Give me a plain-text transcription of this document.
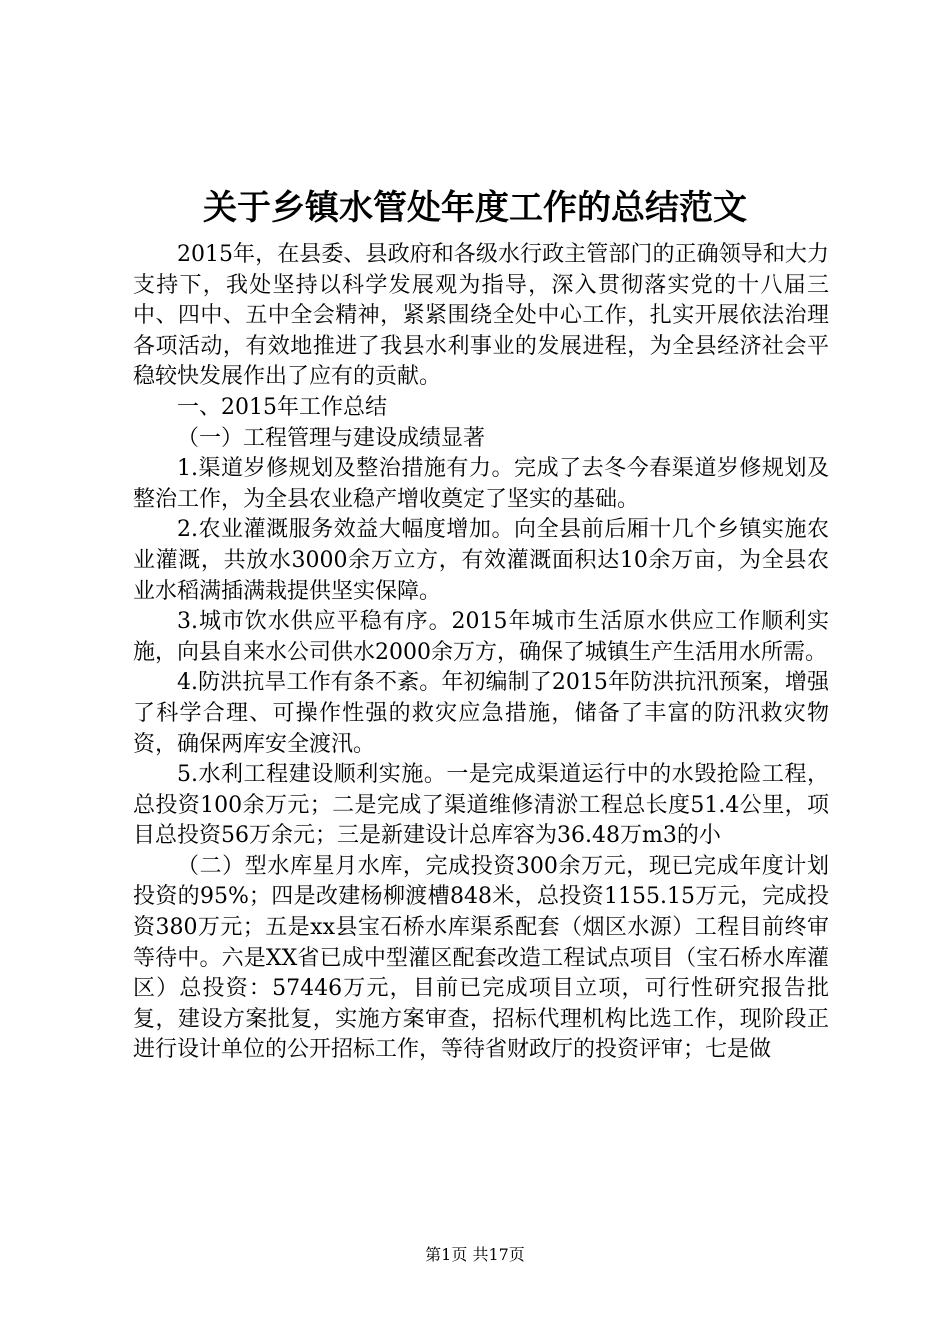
关于乡镇水管处年度工作的总结范文

2015年，在县委、县政府和各级水行政主管部门的正确领导和大力支持下，我处坚持以科学发展观为指导，深入贯彻落实党的十八届三中、四中、五中全会精神，紧紧围绕全处中心工作，扎实开展依法治理各项活动，有效地推进了我县水利事业的发展进程，为全县经济社会平稳较快发展作出了应有的贡献。

一、2015年工作总结

（一）工程管理与建设成绩显著

1.渠道岁修规划及整治措施有力。完成了去冬今春渠道岁修规划及整治工作，为全县农业稳产增收奠定了坚实的基础。

2.农业灌溉服务效益大幅度增加。向全县前后厢十几个乡镇实施农业灌溉，共放水3000余万立方，有效灌溉面积达10余万亩，为全县农业水稻满插满栽提供坚实保障。

3.城市饮水供应平稳有序。2015年城市生活原水供应工作顺利实施，向县自来水公司供水2000余万方，确保了城镇生产生活用水所需。

4.防洪抗旱工作有条不紊。年初编制了2015年防洪抗汛预案，增强了科学合理、可操作性强的救灾应急措施，储备了丰富的防汛救灾物资，确保两库安全渡汛。

5.水利工程建设顺利实施。一是完成渠道运行中的水毁抢险工程，总投资100余万元；二是完成了渠道维修清淤工程总长度51.4公里，项目总投资56万余元；三是新建设计总库容为36.48万m3的小

（二）型水库星月水库，完成投资300余万元，现已完成年度计划投资的95%；四是改建杨柳渡槽848米，总投资1155.15万元，完成投资380万元；五是xx县宝石桥水库渠系配套（烟区水源）工程目前终审等待中。六是XX省已成中型灌区配套改造工程试点项目（宝石桥水库灌区）总投资：57446万元，目前已完成项目立项，可行性研究报告批复，建设方案批复，实施方案审查，招标代理机构比选工作，现阶段正进行设计单位的公开招标工作，等待省财政厅的投资评审；七是做

第1页 共17页
